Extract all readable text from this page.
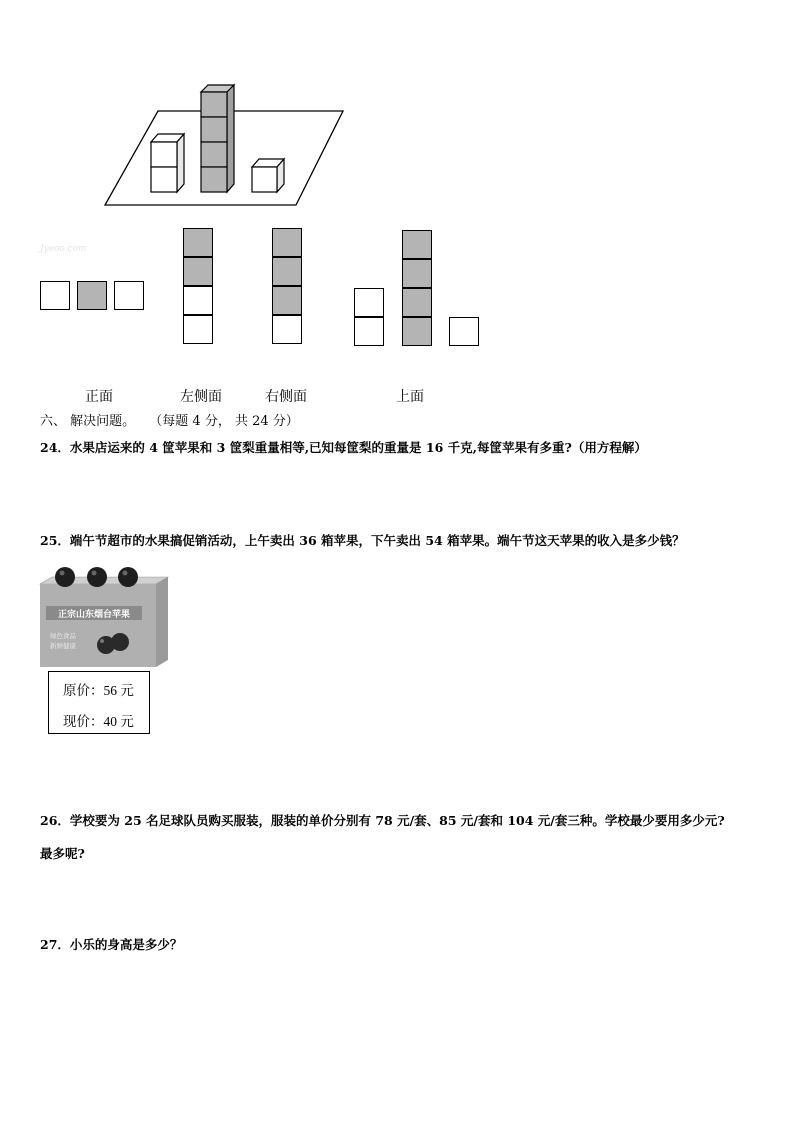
Jyeoo.com
正面	左侧面	右侧面	上面
六、 解决问题。 （每题 4 分， 共 24 分）
24．水果店运来的 4 筐苹果和 3 筐梨重量相等,已知每筐梨的重量是 16 千克,每筐苹果有多重?（用方程解）
25．端午节超市的水果搞促销活动，上午卖出 36 箱苹果，下午卖出 54 箱苹果。端午节这天苹果的收入是多少钱？
正宗山东烟台苹果
绿色食品
新鲜健康
原价：56 元
现价：40 元
26．学校要为 25 名足球队员购买服装，服装的单价分别有 78 元/套、85 元/套和 104 元/套三种。学校最少要用多少元?
最多呢?
27．小乐的身高是多少？
